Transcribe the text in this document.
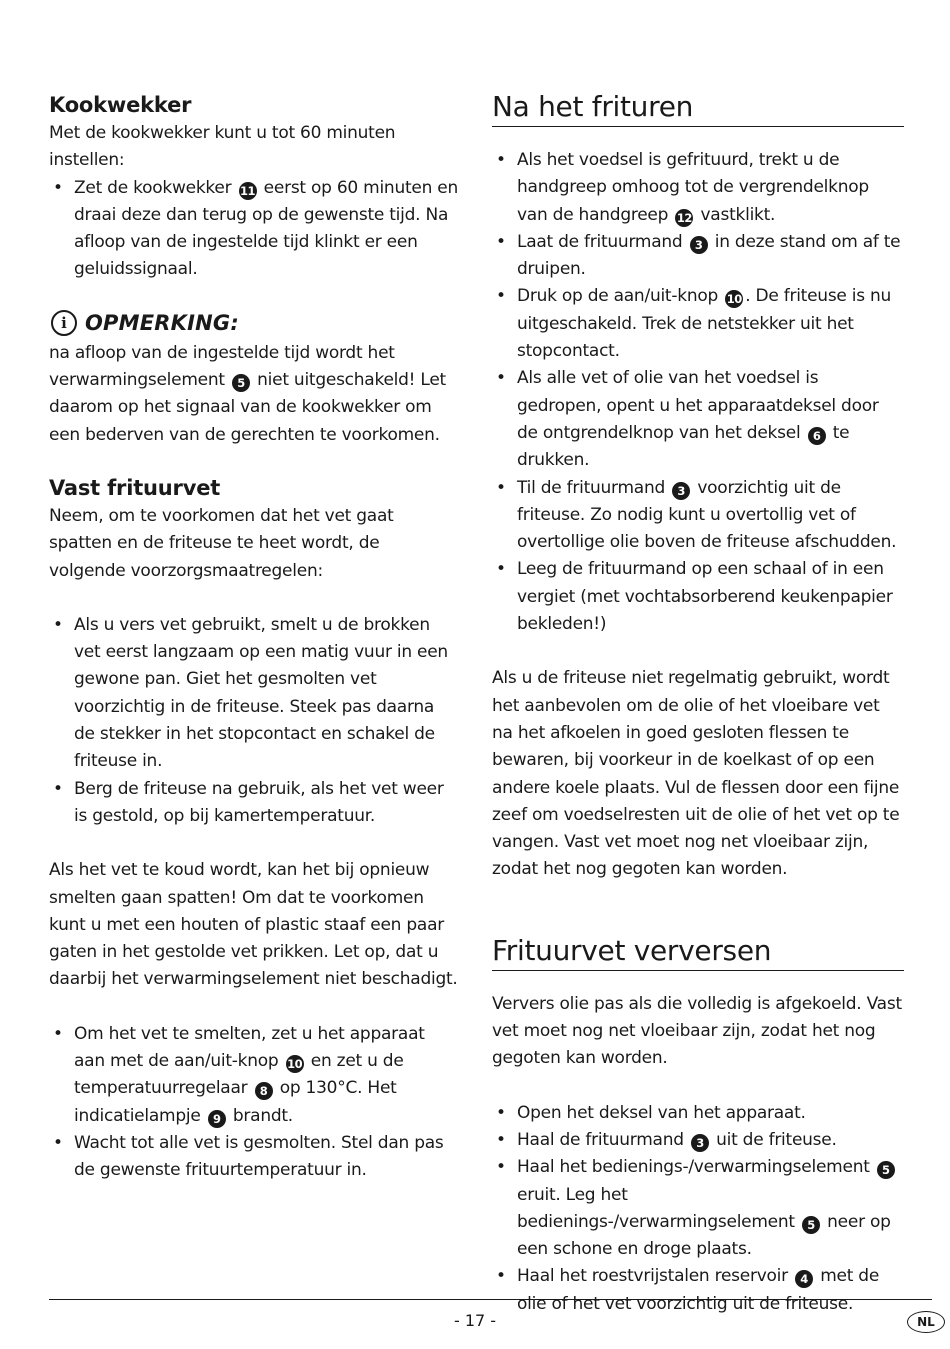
Kookwekker

Met de kookwekker kunt u tot 60 minuten instellen:

• Zet de kookwekker 11 eerst op 60 minuten en draai deze dan terug op de gewenste tijd. Na afloop van de ingestelde tijd klinkt er een geluidssignaal.
i OPMERKING:

na afloop van de ingestelde tijd wordt het verwarmingselement 5 niet uitgeschakeld! Let daarom op het signaal van de kookwekker om een bederven van de gerechten te voorkomen.

Vast frituurvet

Neem, om te voorkomen dat het vet gaat spatten en de friteuse te heet wordt, de volgende voorzorgsmaatregelen:

• Als u vers vet gebruikt, smelt u de brokken vet eerst langzaam op een matig vuur in een gewone pan. Giet het gesmolten vet voorzichtig in de friteuse. Steek pas daarna de stekker in het stopcontact en schakel de friteuse in.
• Berg de friteuse na gebruik, als het vet weer is gestold, op bij kamertemperatuur.

Als het vet te koud wordt, kan het bij opnieuw smelten gaan spatten! Om dat te voorkomen kunt u met een houten of plastic staaf een paar gaten in het gestolde vet prikken. Let op, dat u daarbij het verwarmingselement niet beschadigt.

• Om het vet te smelten, zet u het apparaat aan met de aan/uit-knop 10 en zet u de temperatuurregelaar 8 op 130°C. Het indicatielampje 9 brandt.
• Wacht tot alle vet is gesmolten. Stel dan pas de gewenste frituurtemperatuur in.
Na het frituren
• Als het voedsel is gefrituurd, trekt u de handgreep omhoog tot de vergrendelknop van de handgreep 12 vastklikt.
• Laat de frituurmand 3 in deze stand om af te druipen.
• Druk op de aan/uit-knop 10 . De friteuse is nu uitgeschakeld. Trek de netstekker uit het stopcontact.
• Als alle vet of olie van het voedsel is gedropen, opent u het apparaatdeksel door de ontgrendelknop van het deksel 6 te drukken.
• Til de frituurmand 3 voorzichtig uit de friteuse. Zo nodig kunt u overtollig vet of overtollige olie boven de friteuse afschudden.
• Leeg de frituurmand op een schaal of in een vergiet (met vochtabsorberend keukenpapier bekleden!)

Als u de friteuse niet regelmatig gebruikt, wordt het aanbevolen om de olie of het vloeibare vet na het afkoelen in goed gesloten flessen te bewaren, bij voorkeur in de koelkast of op een andere koele plaats. Vul de flessen door een fijne zeef om voedselresten uit de olie of het vet op te vangen. Vast vet moet nog net vloeibaar zijn, zodat het nog gegoten kan worden.

Frituurvet verversen

Ververs olie pas als die volledig is afgekoeld. Vast vet moet nog net vloeibaar zijn, zodat het nog gegoten kan worden.

• Open het deksel van het apparaat.
• Haal de frituurmand 3 uit de friteuse.
• Haal het bedienings-/verwarmingselement 5 eruit. Leg het bedienings-/verwarmingselement 5 neer op een schone en droge plaats.
• Haal het roestvrijstalen reservoir 4 met de olie of het vet voorzichtig uit de friteuse.
- 17 -	NL
